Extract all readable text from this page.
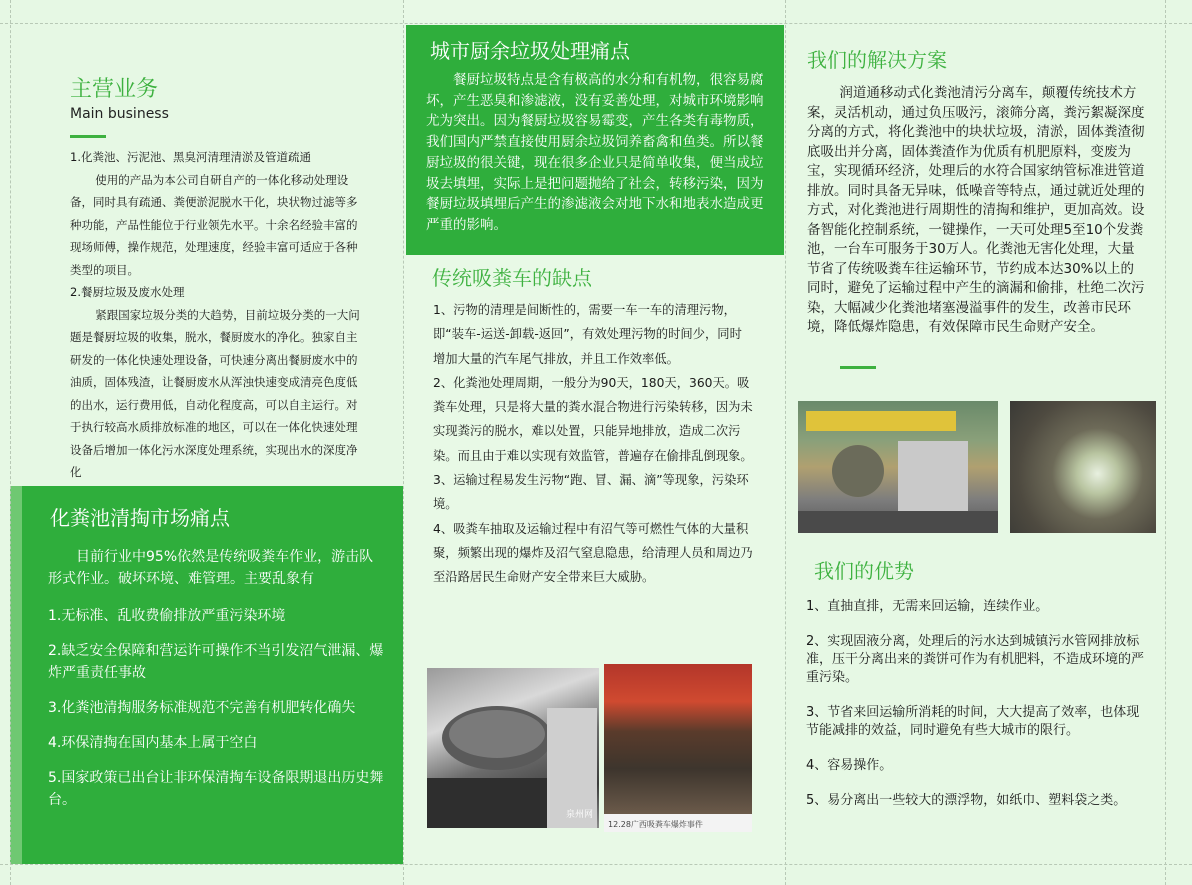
主营业务
Main business

1.化粪池、污泥池、黑臭河清理清淤及管道疏通

使用的产品为本公司自研自产的一体化移动处理设备，同时具有疏通、粪便淤泥脱水干化，块状物过滤等多种功能，产品性能位于行业领先水平。十余名经验丰富的现场师傅，操作规范，处理速度，经验丰富可适应于各种类型的项目。

2.餐厨垃圾及废水处理

紧跟国家垃圾分类的大趋势，目前垃圾分类的一大问题是餐厨垃圾的收集，脱水，餐厨废水的净化。独家自主研发的一体化快速处理设备，可快速分离出餐厨废水中的油质，固体残渣，让餐厨废水从浑浊快速变成清亮色度低的出水，运行费用低，自动化程度高，可以自主运行。对于执行较高水质排放标准的地区，可以在一体化快速处理设备后增加一体化污水深度处理系统，实现出水的深度净化

化粪池清掏市场痛点

目前行业中95%依然是传统吸粪车作业，游击队形式作业。破坏环境、难管理。主要乱象有

1.无标准、乱收费偷排放严重污染环境

2.缺乏安全保障和营运许可操作不当引发沼气泄漏、爆炸严重责任事故

3.化粪池清掏服务标准规范不完善有机肥转化确失

4.环保清掏在国内基本上属于空白

5.国家政策已出台让非环保清掏车设备限期退出历史舞台。

城市厨余垃圾处理痛点
餐厨垃圾特点是含有极高的水分和有机物，很容易腐坏，产生恶臭和渗滤液，没有妥善处理，对城市环境影响尤为突出。因为餐厨垃圾容易霉变，产生各类有毒物质，我们国内严禁直接使用厨余垃圾饲养畜禽和鱼类。所以餐厨垃圾的很关键，现在很多企业只是简单收集，便当成垃圾去填埋，实际上是把问题抛给了社会，转移污染，因为餐厨垃圾填埋后产生的渗滤液会对地下水和地表水造成更严重的影响。
传统吸粪车的缺点

1、污物的清理是间断性的，需要一车一车的清理污物，即“装车-运送-卸载-返回”，有效处理污物的时间少，同时增加大量的汽车尾气排放，并且工作效率低。

2、化粪池处理周期，一般分为90天，180天，360天。吸粪车处理，只是将大量的粪水混合物进行污染转移，因为未实现粪污的脱水，难以处置，只能异地排放，造成二次污染。而且由于难以实现有效监管，普遍存在偷排乱倒现象。

3、运输过程易发生污物“跑、冒、漏、滴”等现象，污染环境。

4、吸粪车抽取及运输过程中有沼气等可燃性气体的大量积聚，频繁出现的爆炸及沼气窒息隐患，给清理人员和周边乃至沿路居民生命财产安全带来巨大威胁。

泉州网
12.28广西吸粪车爆炸事件
我们的解决方案
润道通移动式化粪池清污分离车，颠覆传统技术方案，灵活机动，通过负压吸污，滚筛分离，粪污絮凝深度分离的方式，将化粪池中的块状垃圾，清淤，固体粪渣彻底吸出并分离，固体粪渣作为优质有机肥原料，变废为宝，实现循环经济，处理后的水符合国家纳管标准进管道排放。同时具备无异味，低噪音等特点，通过就近处理的方式，对化粪池进行周期性的清掏和维护，更加高效。设备智能化控制系统，一键操作，一天可处理5至10个发粪池，一台车可服务于30万人。化粪池无害化处理，大量节省了传统吸粪车往运输环节，节约成本达30%以上的同时，避免了运输过程中产生的滴漏和偷排，杜绝二次污染，大幅减少化粪池堵塞漫溢事件的发生，改善市民环境，降低爆炸隐患，有效保障市民生命财产安全。
我们的优势

1、直抽直排，无需来回运输，连续作业。

2、实现固液分离，处理后的污水达到城镇污水管网排放标准，压干分离出来的粪饼可作为有机肥料，不造成环境的严重污染。

3、节省来回运输所消耗的时间，大大提高了效率，也体现节能减排的效益，同时避免有些大城市的限行。

4、容易操作。

5、易分离出一些较大的漂浮物，如纸巾、塑料袋之类。
